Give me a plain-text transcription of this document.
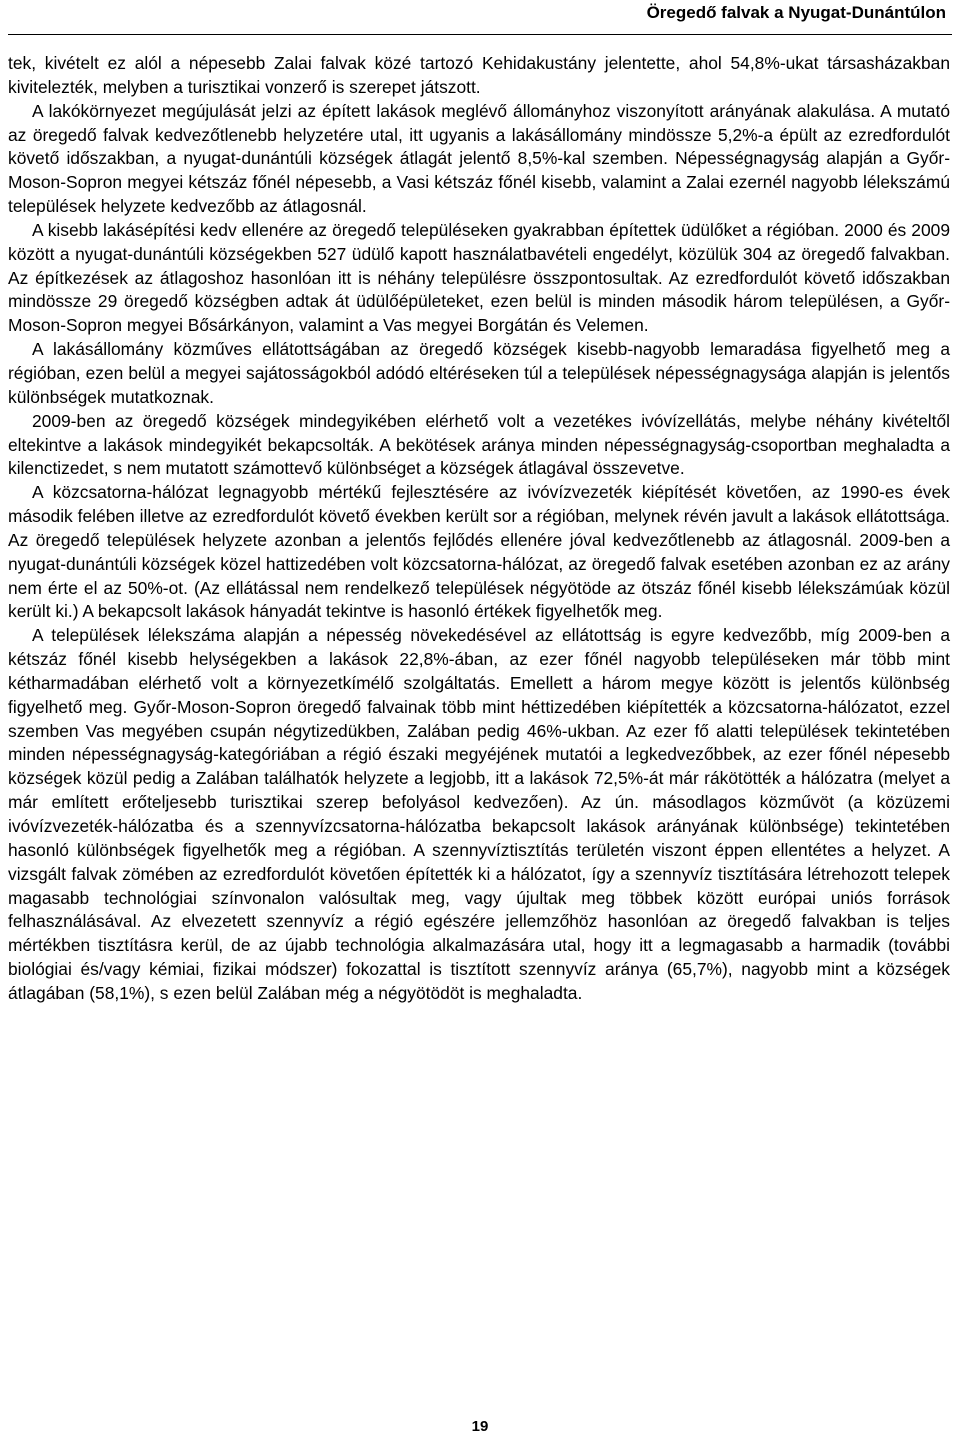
Öregedő falvak a Nyugat-Dunántúlon

tek, kivételt ez alól a népesebb Zalai falvak közé tartozó Kehidakustány jelentette, ahol 54,8%-ukat társasházakban kivitelezték, melyben a turisztikai vonzerő is szerepet játszott.

A lakókörnyezet megújulását jelzi az épített lakások meglévő állományhoz viszonyított arányának alakulása. A mutató az öregedő falvak kedvezőtlenebb helyzetére utal, itt ugyanis a lakásállomány mindössze 5,2%-a épült az ezredfordulót követő időszakban, a nyugat-dunántúli községek átlagát jelentő 8,5%-kal szemben. Népességnagyság alapján a Győr-Moson-Sopron megyei kétszáz főnél népesebb, a Vasi kétszáz főnél kisebb, valamint a Zalai ezernél nagyobb lélekszámú települések helyzete kedvezőbb az átlagosnál.

A kisebb lakásépítési kedv ellenére az öregedő településeken gyakrabban építettek üdülőket a régióban. 2000 és 2009 között a nyugat-dunántúli községekben 527 üdülő kapott használatbavételi engedélyt, közülük 304 az öregedő falvakban. Az építkezések az átlagoshoz hasonlóan itt is néhány településre összpontosultak. Az ezredfordulót követő időszakban mindössze 29 öregedő községben adtak át üdülőépületeket, ezen belül is minden második három településen, a Győr-Moson-Sopron megyei Bősárkányon, valamint a Vas megyei Borgátán és Velemen.

A lakásállomány közműves ellátottságában az öregedő községek kisebb-nagyobb lemaradása figyelhető meg a régióban, ezen belül a megyei sajátosságokból adódó eltéréseken túl a települések népességnagysága alapján is jelentős különbségek mutatkoznak.

2009-ben az öregedő községek mindegyikében elérhető volt a vezetékes ivóvízellátás, melybe néhány kivételtől eltekintve a lakások mindegyikét bekapcsolták. A bekötések aránya minden népességnagyság-csoportban meghaladta a kilenctizedet, s nem mutatott számottevő különbséget a községek átlagával összevetve.

A közcsatorna-hálózat legnagyobb mértékű fejlesztésére az ivóvízvezeték kiépítését követően, az 1990-es évek második felében illetve az ezredfordulót követő években került sor a régióban, melynek révén javult a lakások ellátottsága. Az öregedő települések helyzete azonban a jelentős fejlődés ellenére jóval kedvezőtlenebb az átlagosnál. 2009-ben a nyugat-dunántúli községek közel hattizedében volt közcsatorna-hálózat, az öregedő falvak esetében azonban ez az arány nem érte el az 50%-ot. (Az ellátással nem rendelkező települések négyötöde az ötszáz főnél kisebb lélekszámúak közül került ki.) A bekapcsolt lakások hányadát tekintve is hasonló értékek figyelhetők meg.

A települések lélekszáma alapján a népesség növekedésével az ellátottság is egyre kedvezőbb, míg 2009-ben a kétszáz főnél kisebb helységekben a lakások 22,8%-ában, az ezer főnél nagyobb településeken már több mint kétharmadában elérhető volt a környezetkímélő szolgáltatás. Emellett a három megye között is jelentős különbség figyelhető meg. Győr-Moson-Sopron öregedő falvainak több mint héttizedében kiépítették a közcsatorna-hálózatot, ezzel szemben Vas megyében csupán négytizedükben, Zalában pedig 46%-ukban. Az ezer fő alatti települések tekintetében minden népességnagyság-kategóriában a régió északi megyéjének mutatói a legkedvezőbbek, az ezer főnél népesebb községek közül pedig a Zalában találhatók helyzete a legjobb, itt a lakások 72,5%-át már rákötötték a hálózatra (melyet a már említett erőteljesebb turisztikai szerep befolyásol kedvezően). Az ún. másodlagos közművöt (a közüzemi ivóvízvezeték-hálózatba és a szennyvízcsatorna-hálózatba bekapcsolt lakások arányának különbsége) tekintetében hasonló különbségek figyelhetők meg a régióban. A szennyvíztisztítás területén viszont éppen ellentétes a helyzet. A vizsgált falvak zömében az ezredfordulót követően építették ki a hálózatot, így a szennyvíz tisztítására létrehozott telepek magasabb technológiai színvonalon valósultak meg, vagy újultak meg többek között európai uniós források felhasználásával. Az elvezetett szennyvíz a régió egészére jellemzőhöz hasonlóan az öregedő falvakban is teljes mértékben tisztításra kerül, de az újabb technológia alkalmazására utal, hogy itt a legmagasabb a harmadik (további biológiai és/vagy kémiai, fizikai módszer) fokozattal is tisztított szennyvíz aránya (65,7%), nagyobb mint a községek átlagában (58,1%), s ezen belül Zalában még a négyötödöt is meghaladta.

19
